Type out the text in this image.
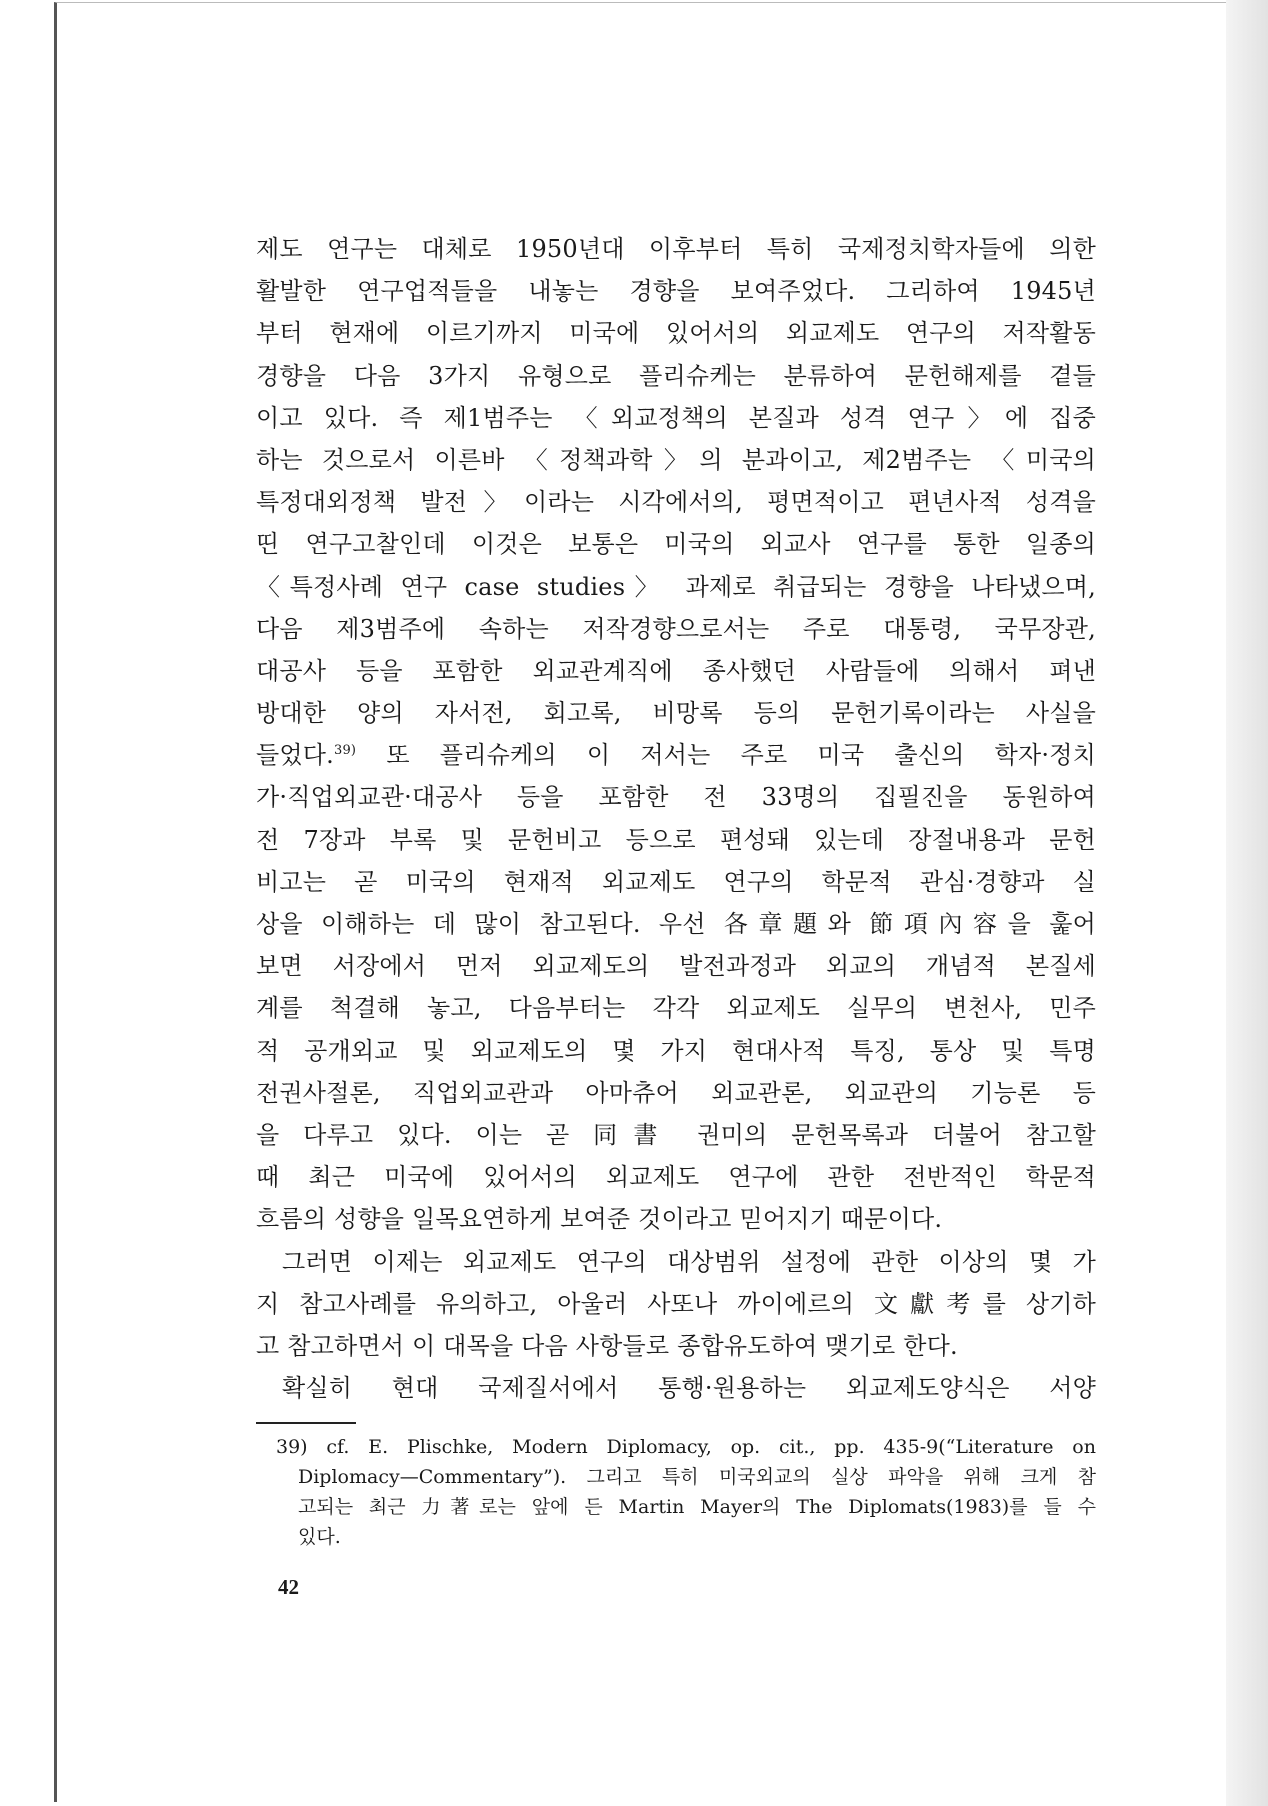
제도 연구는 대체로 1950년대 이후부터 특히 국제정치학자들에 의한
활발한 연구업적들을 내놓는 경향을 보여주었다. 그리하여 1945년
부터 현재에 이르기까지 미국에 있어서의 외교제도 연구의 저작활동
경향을 다음 3가지 유형으로 플리슈케는 분류하여 문헌해제를 곁들
이고 있다. 즉 제1범주는 〈외교정책의 본질과 성격 연구〉에 집중
하는 것으로서 이른바 〈정책과학〉의 분과이고, 제2범주는 〈미국의
특정대외정책 발전〉이라는 시각에서의, 평면적이고 편년사적 성격을
띤 연구고찰인데 이것은 보통은 미국의 외교사 연구를 통한 일종의
〈특정사례 연구 case studies〉 과제로 취급되는 경향을 나타냈으며,
다음 제3범주에 속하는 저작경향으로서는 주로 대통령, 국무장관,
대공사 등을 포함한 외교관계직에 종사했던 사람들에 의해서 펴낸
방대한 양의 자서전, 회고록, 비망록 등의 문헌기록이라는 사실을
들었다.$^{39)}$ 또 플리슈케의 이 저서는 주로 미국 출신의 학자·정치
가·직업외교관·대공사 등을 포함한 전 33명의 집필진을 동원하여
전 7장과 부록 및 문헌비고 등으로 편성돼 있는데 장절내용과 문헌
비고는 곧 미국의 현재적 외교제도 연구의 학문적 관심·경향과 실
상을 이해하는 데 많이 참고된다. 우선 各章題와 節項內容을 훑어
보면 서장에서 먼저 외교제도의 발전과정과 외교의 개념적 본질세
계를 척결해 놓고, 다음부터는 각각 외교제도 실무의 변천사, 민주
적 공개외교 및 외교제도의 몇 가지 현대사적 특징, 통상 및 특명
전권사절론, 직업외교관과 아마츄어 외교관론, 외교관의 기능론 등
을 다루고 있다. 이는 곧 同書 권미의 문헌목록과 더불어 참고할
때 최근 미국에 있어서의 외교제도 연구에 관한 전반적인 학문적
흐름의 성향을 일목요연하게 보여준 것이라고 믿어지기 때문이다.
그러면 이제는 외교제도 연구의 대상범위 설정에 관한 이상의 몇 가
지 참고사례를 유의하고, 아울러 사또나 까이에르의 文獻考를 상기하
고 참고하면서 이 대목을 다음 사항들로 종합유도하여 맺기로 한다.
확실히 현대 국제질서에서 통행·원용하는 외교제도양식은 서양
39) cf. E. Plischke, Modern Diplomacy, op. cit., pp. 435-9(“Literature on
Diplomacy—Commentary”). 그리고 특히 미국외교의 실상 파악을 위해 크게 참
고되는 최근 力著로는 앞에 든 Martin Mayer의 The Diplomats(1983)를 들 수
있다.
42
